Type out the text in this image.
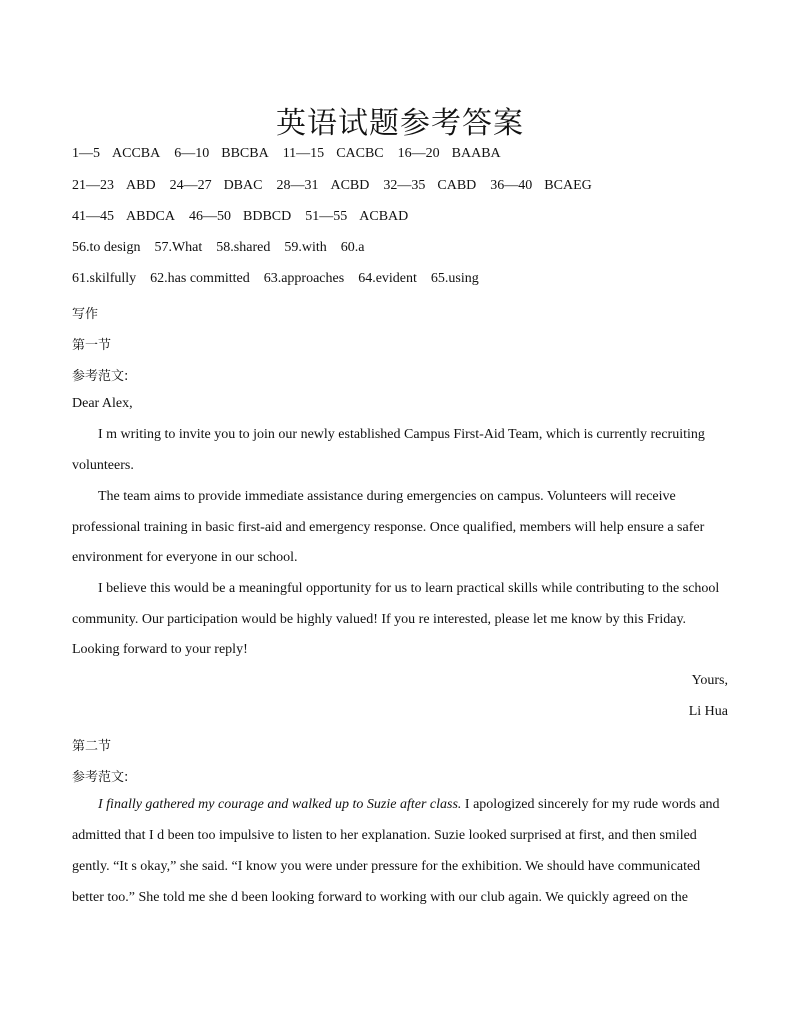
英语试题参考答案
1—5 ACCBA 6—10 BBCBA 11—15 CACBC 16—20 BAABA
21—23 ABD 24—27 DBAC 28—31 ACBD 32—35 CABD 36—40 BCAEG
41—45 ABDCA 46—50 BDBCD 51—55 ACBAD
56.to design 57.What 58.shared 59.with 60.a
61.skilfully 62.has committed 63.approaches 64.evident 65.using
写作
第一节
参考范文:
Dear Alex,
I m writing to invite you to join our newly established Campus First-Aid Team, which is currently recruiting
volunteers.
The team aims to provide immediate assistance during emergencies on campus. Volunteers will receive
professional training in basic first-aid and emergency response. Once qualified, members will help ensure a safer
environment for everyone in our school.
I believe this would be a meaningful opportunity for us to learn practical skills while contributing to the school
community. Our participation would be highly valued! If you re interested, please let me know by this Friday.
Looking forward to your reply!
Yours,
Li Hua
第二节
参考范文:
I finally gathered my courage and walked up to Suzie after class. I apologized sincerely for my rude words and
admitted that I d been too impulsive to listen to her explanation. Suzie looked surprised at first, and then smiled
gently. “It s okay,” she said. “I know you were under pressure for the exhibition. We should have communicated
better too.” She told me she d been looking forward to working with our club again. We quickly agreed on the
